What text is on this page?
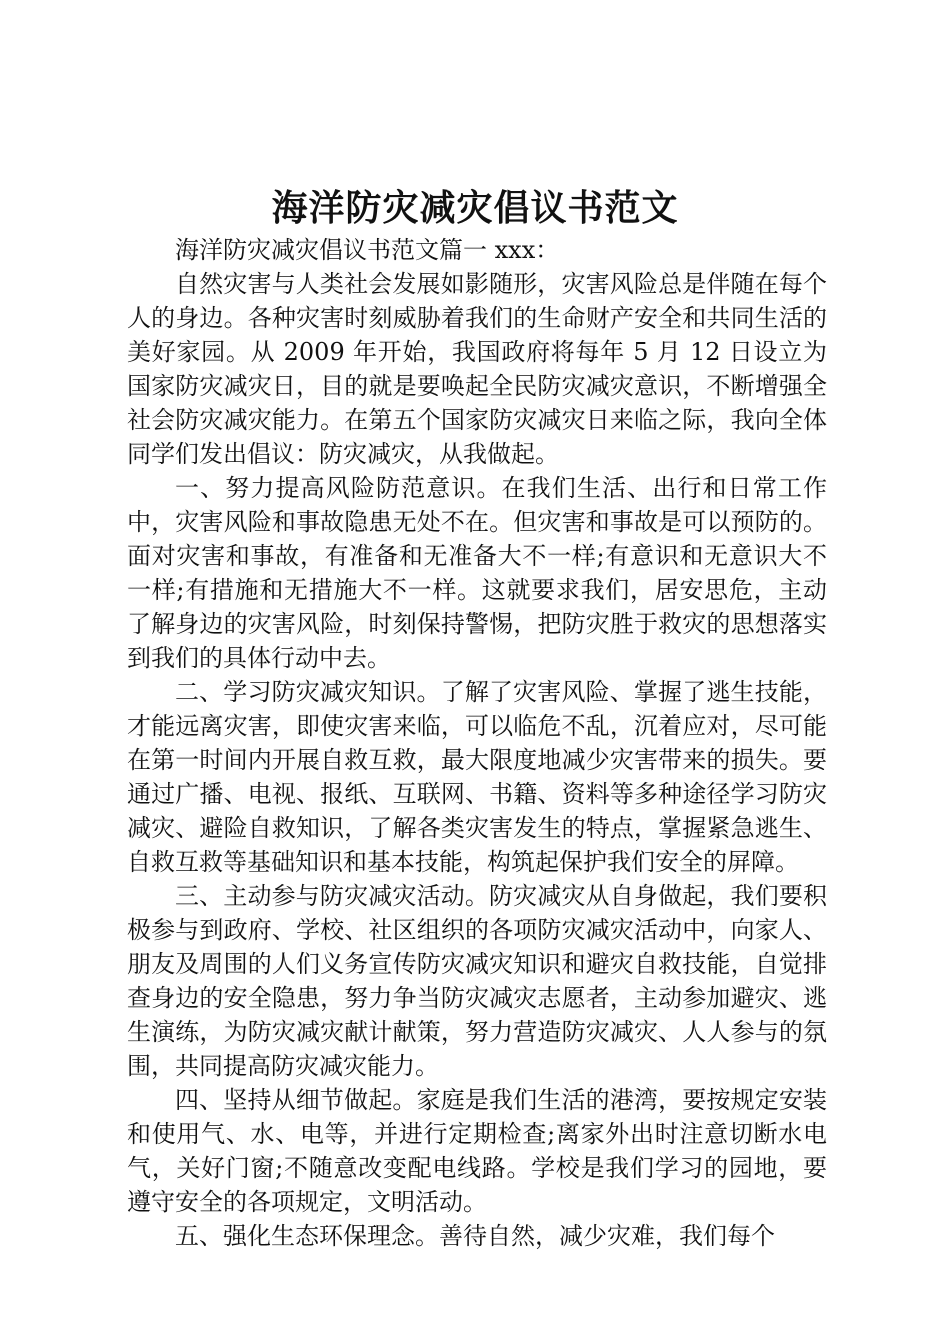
海洋防灾减灾倡议书范文

海洋防灾减灾倡议书范文篇一 xxx：

自然灾害与人类社会发展如影随形，灾害风险总是伴随在每个人的身边。各种灾害时刻威胁着我们的生命财产安全和共同生活的美好家园。从 2009 年开始，我国政府将每年 5 月 12 日设立为国家防灾减灾日，目的就是要唤起全民防灾减灾意识，不断增强全社会防灾减灾能力。在第五个国家防灾减灾日来临之际，我向全体同学们发出倡议：防灾减灾，从我做起。

一、努力提高风险防范意识。在我们生活、出行和日常工作中，灾害风险和事故隐患无处不在。但灾害和事故是可以预防的。面对灾害和事故，有准备和无准备大不一样;有意识和无意识大不一样;有措施和无措施大不一样。这就要求我们，居安思危，主动了解身边的灾害风险，时刻保持警惕，把防灾胜于救灾的思想落实到我们的具体行动中去。

二、学习防灾减灾知识。了解了灾害风险、掌握了逃生技能，才能远离灾害，即使灾害来临，可以临危不乱，沉着应对，尽可能在第一时间内开展自救互救，最大限度地减少灾害带来的损失。要通过广播、电视、报纸、互联网、书籍、资料等多种途径学习防灾减灾、避险自救知识，了解各类灾害发生的特点，掌握紧急逃生、自救互救等基础知识和基本技能，构筑起保护我们安全的屏障。

三、主动参与防灾减灾活动。防灾减灾从自身做起，我们要积极参与到政府、学校、社区组织的各项防灾减灾活动中，向家人、朋友及周围的人们义务宣传防灾减灾知识和避灾自救技能，自觉排查身边的安全隐患，努力争当防灾减灾志愿者，主动参加避灾、逃生演练，为防灾减灾献计献策，努力营造防灾减灾、人人参与的氛围，共同提高防灾减灾能力。

四、坚持从细节做起。家庭是我们生活的港湾，要按规定安装和使用气、水、电等，并进行定期检查;离家外出时注意切断水电气，关好门窗;不随意改变配电线路。学校是我们学习的园地，要遵守安全的各项规定，文明活动。

五、强化生态环保理念。善待自然，减少灾难，我们每个
